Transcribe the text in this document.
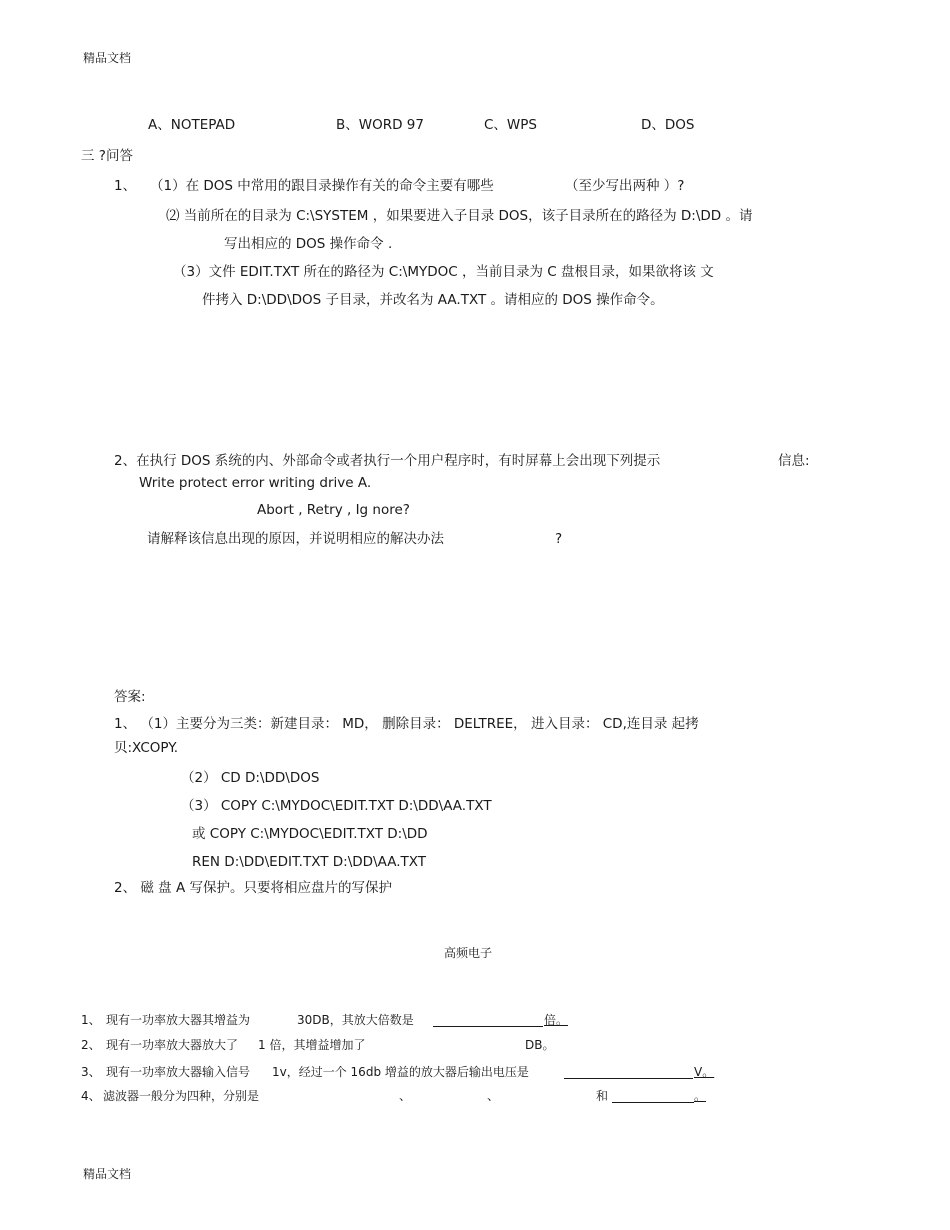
精品文档
A、NOTEPAD	B、WORD 97	C、WPS	D、DOS
三 ?问答
1、 （1）在 DOS 中常用的跟目录操作有关的命令主要有哪些	（至少写出两种 ）?
⑵ 当前所在的目录为 C:\SYSTEM ，如果要进入子目录 DOS，该子目录所在的路径为 D:\DD 。请
写出相应的 DOS 操作命令 .
（3）文件 EDIT.TXT 所在的路径为 C:\MYDOC ，当前目录为 C 盘根目录，如果欲将该 文
件拷入 D:\DD\DOS 子目录，并改名为 AA.TXT 。请相应的 DOS 操作命令。
2、在执行 DOS 系统的内、外部命令或者执行一个用户程序时，有时屏幕上会出现下列提示	信息:
Write protect error writing drive A.
Abort , Retry , Ig nore?
请解释该信息出现的原因，并说明相应的解决办法	?
答案:
1、 （1）主要分为三类：新建目录： MD， 删除目录： DELTREE， 进入目录： CD,连目录 起拷
贝:XCOPY.
（2） CD D:\DD\DOS
（3） COPY C:\MYDOC\EDIT.TXT D:\DD\AA.TXT
或 COPY C:\MYDOC\EDIT.TXT D:\DD
REN D:\DD\EDIT.TXT D:\DD\AA.TXT
2、 磁 盘 A 写保护。只要将相应盘片的写保护
高频电子
1、 现有一功率放大器其增益为	30DB，其放大倍数是	倍。
2、 现有一功率放大器放大了 1 倍，其增益增加了	DB。
3、 现有一功率放大器输入信号 1v，经过一个 16db 增益的放大器后输出电压是	V。
4、 滤波器一般分为四种，分别是	、	、	和	。
精品文档
